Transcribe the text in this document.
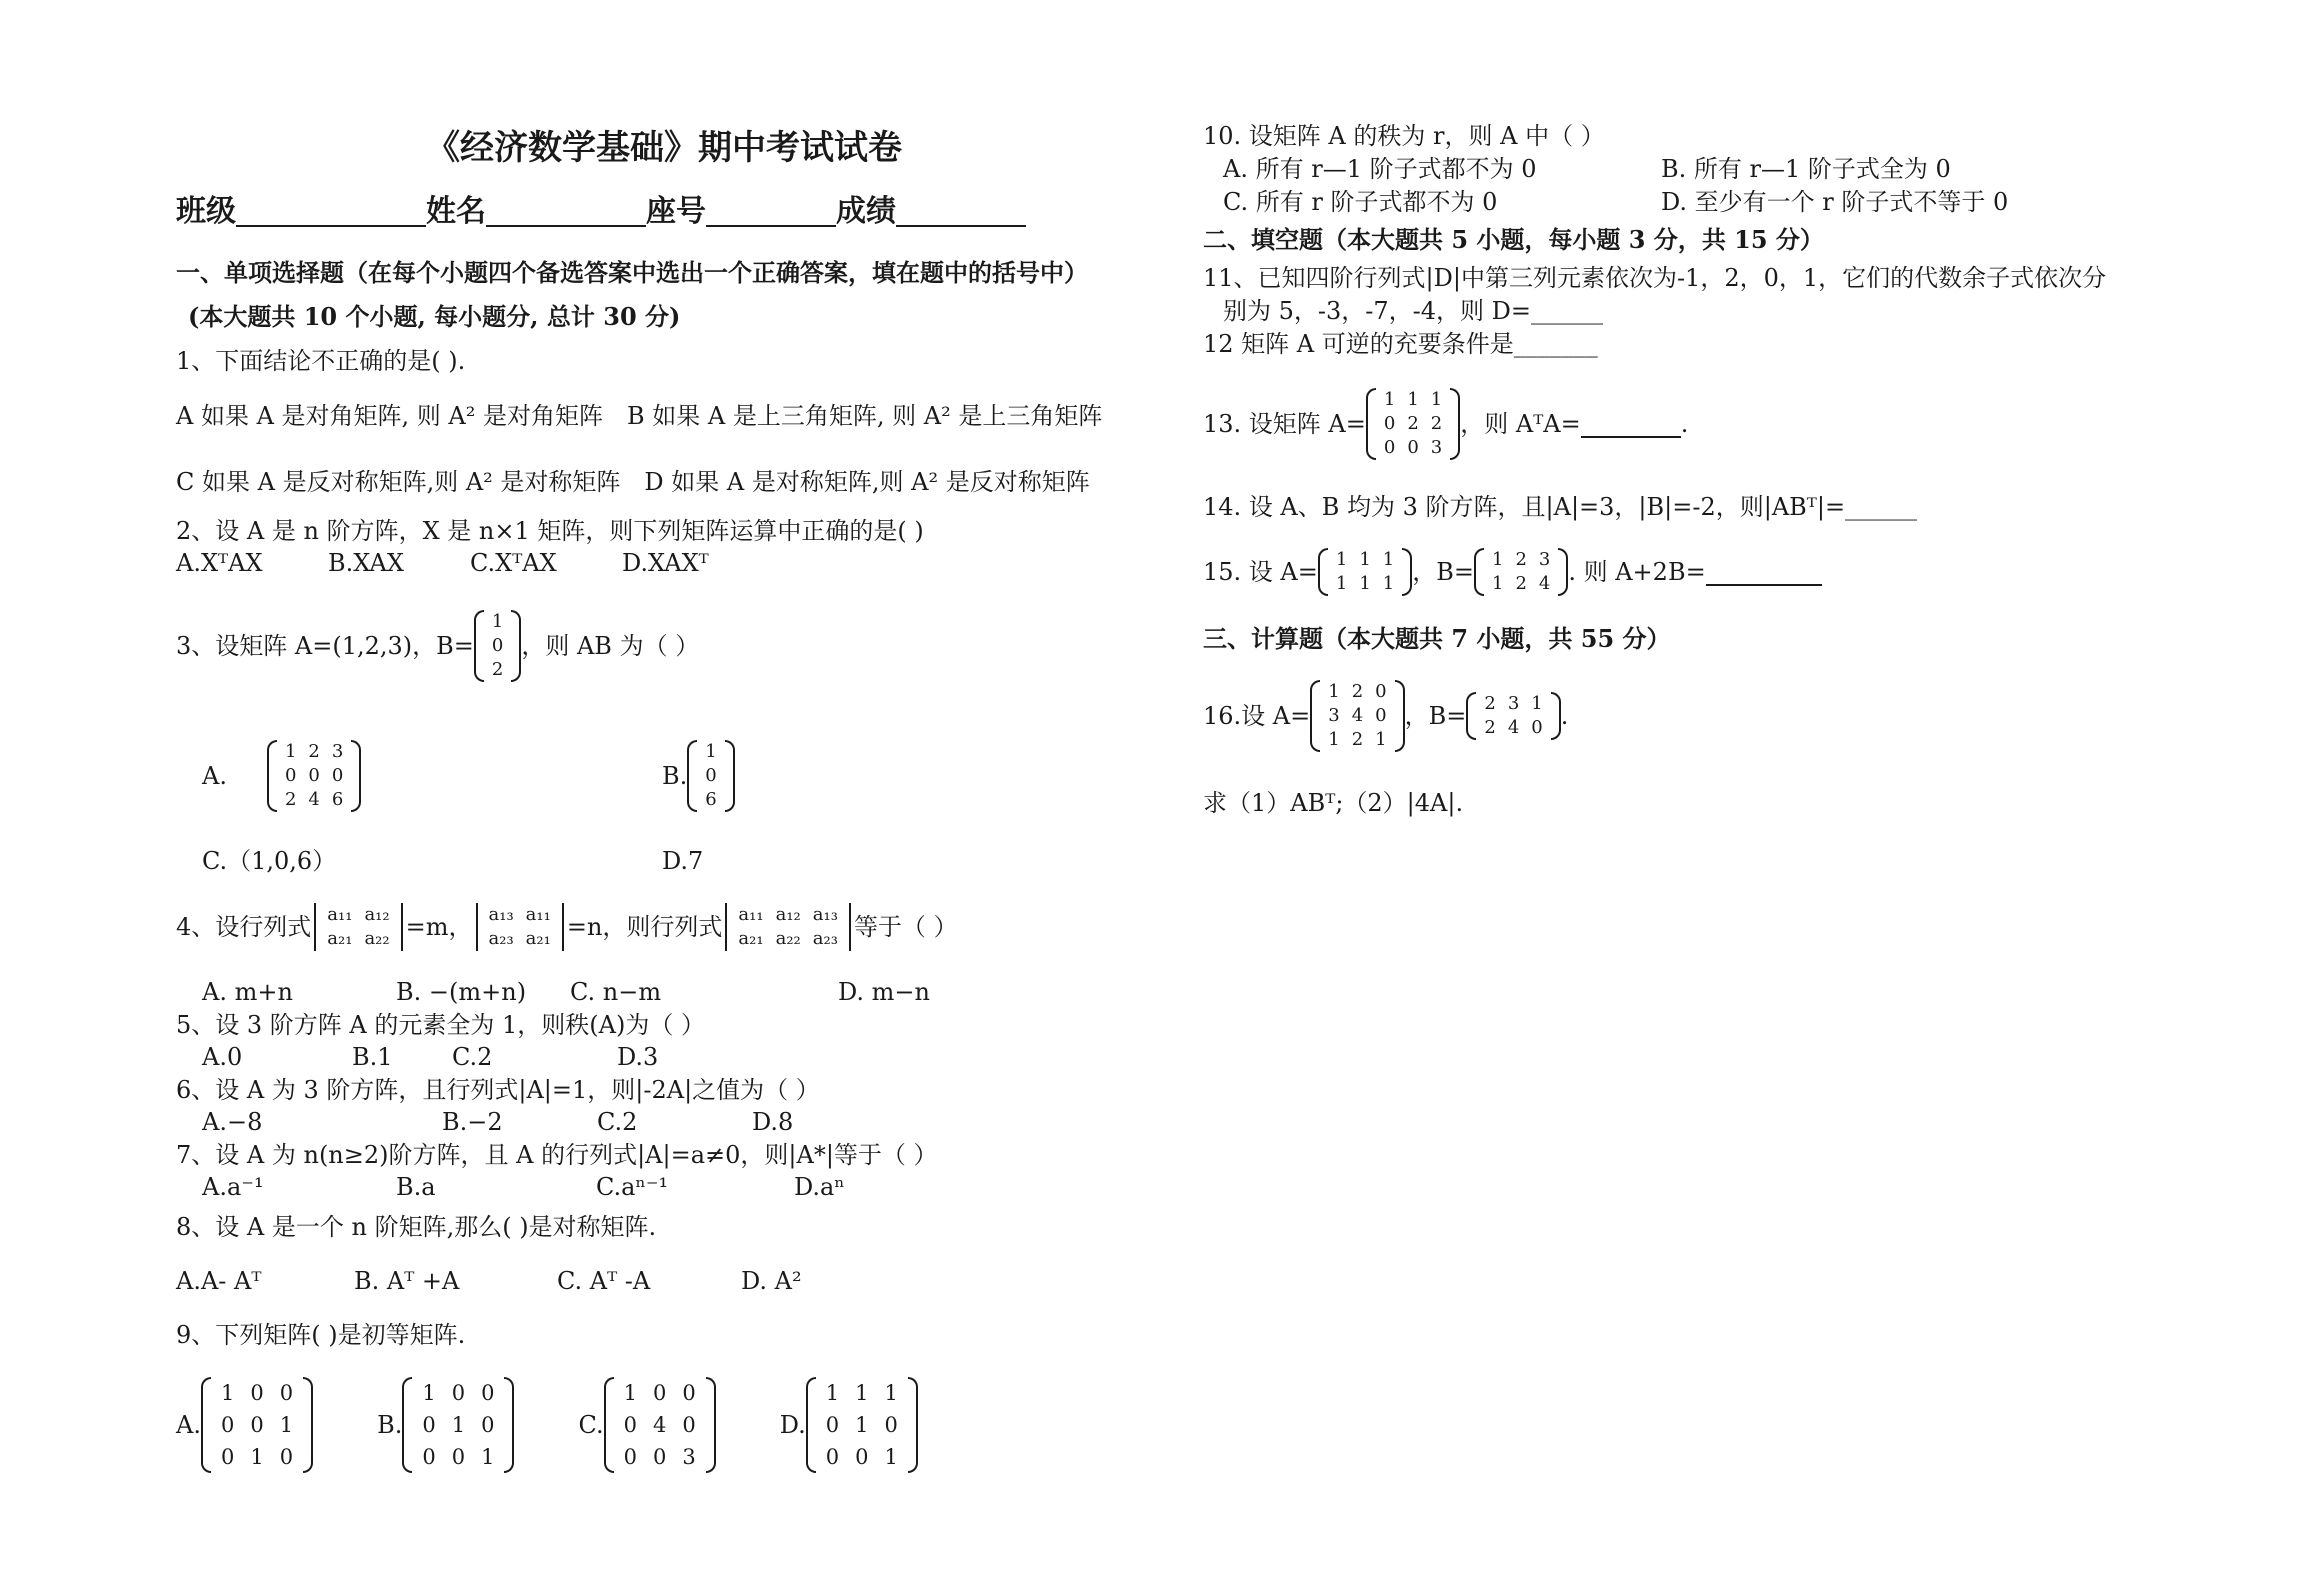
《经济数学基础》期中考试试卷
班级	姓名	座号	成绩
一、单项选择题（在每个小题四个备选答案中选出一个正确答案，填在题中的括号中）
(本大题共 10 个小题, 每小题分, 总计 30 分)
1、下面结论不正确的是( ).
A 如果 A 是对角矩阵, 则 A² 是对角矩阵 B 如果 A 是上三角矩阵, 则 A² 是上三角矩阵
C 如果 A 是反对称矩阵,则 A² 是对称矩阵 D 如果 A 是对称矩阵,则 A² 是反对称矩阵
2、设 A 是 n 阶方阵，X 是 n×1 矩阵，则下列矩阵运算中正确的是( )
A.XᵀAX	B.XAX	C.XᵀAX	D.XAXᵀ
3、设矩阵 A=(1,2,3)，B=
1
0
2
，则 AB 为（ ）
A.
1	2	3
0	0	0
2	4	6
B.
1
0
6
C.（1,0,6）	D.7
4、设行列式 a₁₁	a₁₂
a₂₁	a₂₂ =m， a₁₃	a₁₁
a₂₃	a₂₁ =n，则行列式 a₁₁	a₁₂	a₁₃
a₂₁	a₂₂	a₂₃ 等于（ ）
A. m+n	B. −(m+n) C. n−m	D. m−n
5、设 3 阶方阵 A 的元素全为 1，则秩(A)为（ ）
A.0	B.1 C.2	D.3
6、设 A 为 3 阶方阵，且行列式|A|=1，则|-2A|之值为（ ）
A.−8	B.−2	C.2	D.8
7、设 A 为 n(n≥2)阶方阵，且 A 的行列式|A|=a≠0，则|A*|等于（ ）
A.a⁻¹	B.a	C.aⁿ⁻¹	D.aⁿ
8、设 A 是一个 n 阶矩阵,那么( )是对称矩阵.
A.A- Aᵀ	B. Aᵀ +A	C. Aᵀ -A	D. A²
9、下列矩阵( )是初等矩阵.
A.
1	0	0
0	0	1
0	1	0
B.
1	0	0
0	1	0
0	0	1
C.
1	0	0
0	4	0
0	0	3
D.
1	1	1
0	1	0
0	0	1
10. 设矩阵 A 的秩为 r，则 A 中（ ）
A. 所有 r—1 阶子式都不为 0	B. 所有 r—1 阶子式全为 0
C. 所有 r 阶子式都不为 0	D. 至少有一个 r 阶子式不等于 0
二、填空题（本大题共 5 小题，每小题 3 分，共 15 分）
11、已知四阶行列式|D|中第三列元素依次为-1，2，0，1，它们的代数余子式依次分
别为 5，-3，-7，-4，则 D=______
12 矩阵 A 可逆的充要条件是_______
13. 设矩阵 A=
1	1	1
0	2	2
0	0	3
，则 AᵀA=	.
14. 设 A、B 均为 3 阶方阵，且|A|=3，|B|=-2，则|ABᵀ|=______
15. 设 A= 1	1	1
1	1	1 ，B= 1	2	3
1	2	4 . 则 A+2B=
三、计算题（本大题共 7 小题，共 55 分）
16.设 A=
1	2	0
3	4	0
1	2	1
，B= 2	3	1
2	4	0 .
求（1）ABᵀ;（2）|4A|.
